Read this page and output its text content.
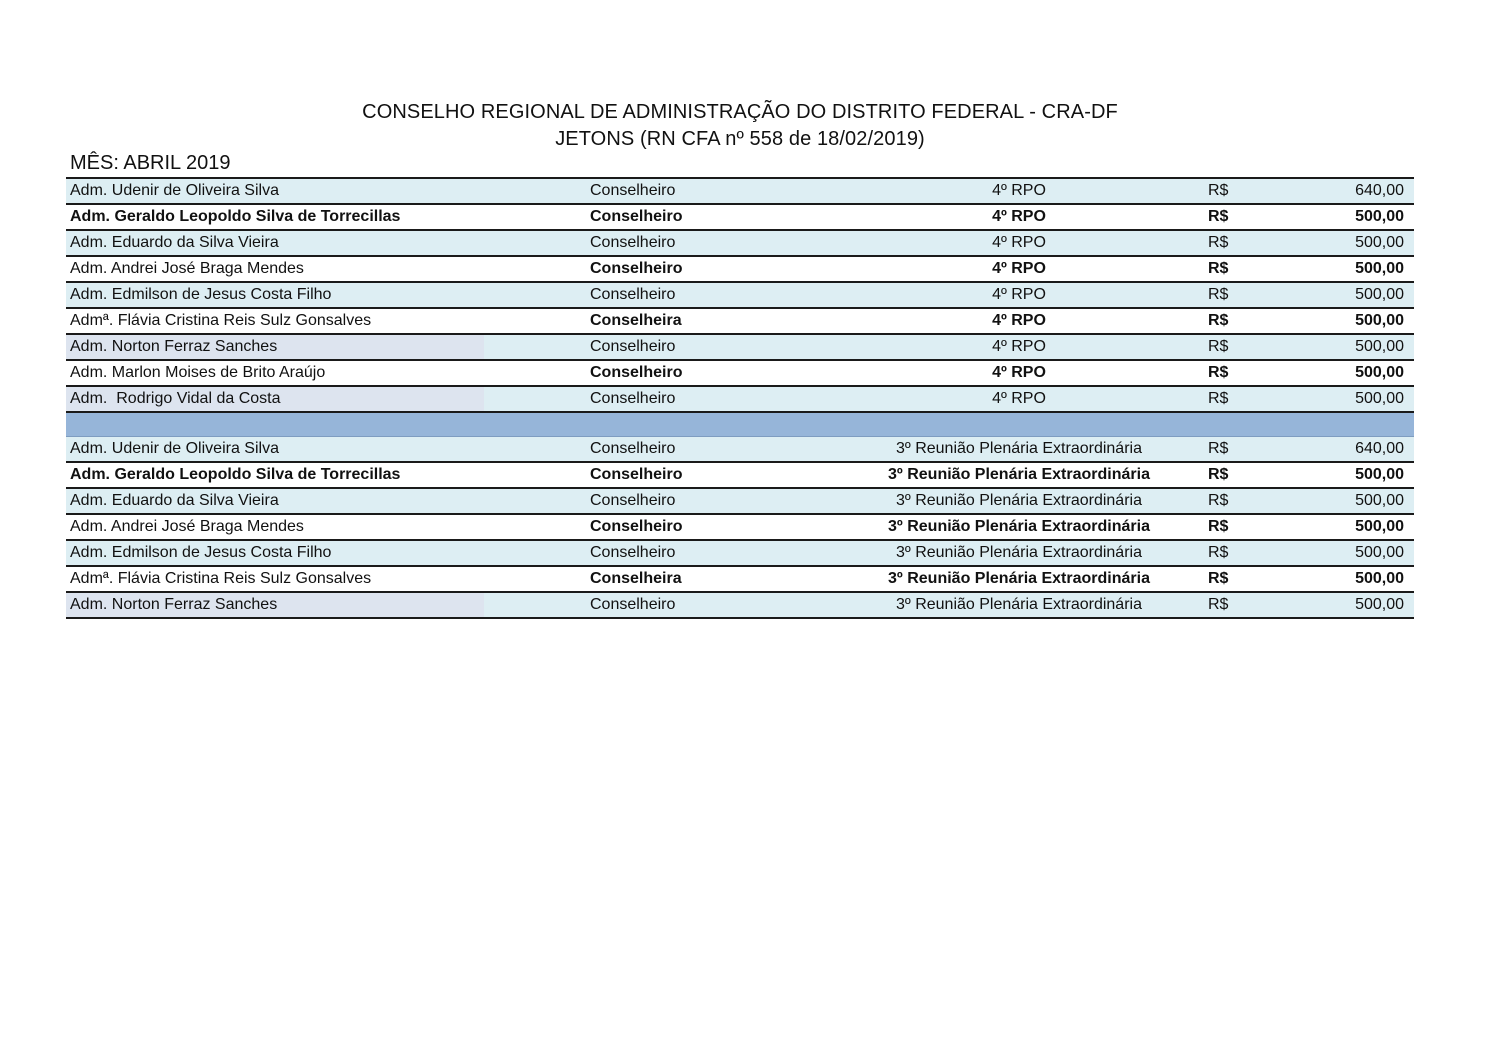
CONSELHO REGIONAL DE ADMINISTRAÇÃO DO DISTRITO FEDERAL - CRA-DF
JETONS (RN CFA nº 558 de 18/02/2019)
MÊS: ABRIL 2019
Adm. Udenir de Oliveira Silva	Conselheiro	4º RPO	R$	640,00
Adm. Geraldo Leopoldo Silva de Torrecillas	Conselheiro	4º RPO	R$	500,00
Adm. Eduardo da Silva Vieira	Conselheiro	4º RPO	R$	500,00
Adm. Andrei José Braga Mendes	Conselheiro	4º RPO	R$	500,00
Adm. Edmilson de Jesus Costa Filho	Conselheiro	4º RPO	R$	500,00
Admª. Flávia Cristina Reis Sulz Gonsalves	Conselheira	4º RPO	R$	500,00
Adm. Norton Ferraz Sanches	Conselheiro	4º RPO	R$	500,00
Adm. Marlon Moises de Brito Araújo	Conselheiro	4º RPO	R$	500,00
Adm.  Rodrigo Vidal da Costa	Conselheiro	4º RPO	R$	500,00
Adm. Udenir de Oliveira Silva	Conselheiro	3º Reunião Plenária Extraordinária	R$	640,00
Adm. Geraldo Leopoldo Silva de Torrecillas	Conselheiro	3º Reunião Plenária Extraordinária	R$	500,00
Adm. Eduardo da Silva Vieira	Conselheiro	3º Reunião Plenária Extraordinária	R$	500,00
Adm. Andrei José Braga Mendes	Conselheiro	3º Reunião Plenária Extraordinária	R$	500,00
Adm. Edmilson de Jesus Costa Filho	Conselheiro	3º Reunião Plenária Extraordinária	R$	500,00
Admª. Flávia Cristina Reis Sulz Gonsalves	Conselheira	3º Reunião Plenária Extraordinária	R$	500,00
Adm. Norton Ferraz Sanches	Conselheiro	3º Reunião Plenária Extraordinária	R$	500,00
